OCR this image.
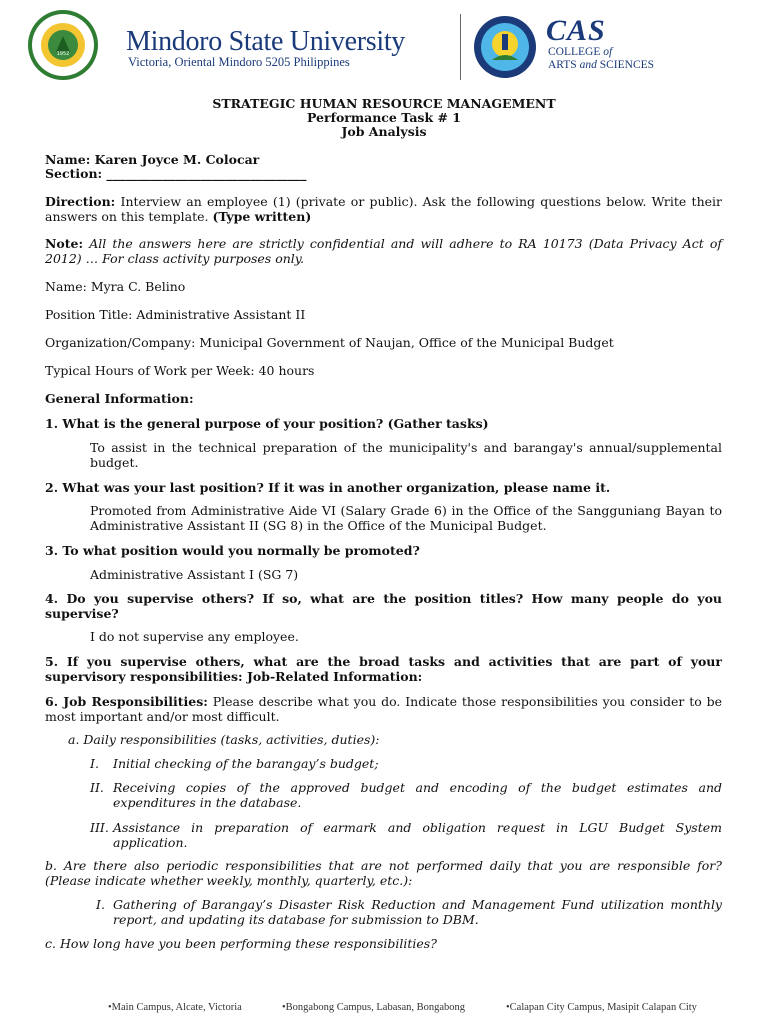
1952 Mindoro State University
Victoria, Oriental Mindoro 5205 Philippines
CAS
COLLEGE of
ARTS and SCIENCES
STRATEGIC HUMAN RESOURCE MANAGEMENT
Performance Task # 1
Job Analysis
Name: Karen Joyce M. Colocar
Section: ________________________________
Direction: Interview an employee (1) (private or public). Ask the following questions below. Write their answers on this template. (Type written)
Note: All the answers here are strictly confidential and will adhere to RA 10173 (Data Privacy Act of 2012) … For class activity purposes only.
Name: Myra C. Belino
Position Title: Administrative Assistant II
Organization/Company: Municipal Government of Naujan, Office of the Municipal Budget
Typical Hours of Work per Week: 40 hours
General Information:
1. What is the general purpose of your position? (Gather tasks)
To assist in the technical preparation of the municipality's and barangay's annual/supplemental budget.
2. What was your last position? If it was in another organization, please name it.
Promoted from Administrative Aide VI (Salary Grade 6) in the Office of the Sangguniang Bayan to Administrative Assistant II (SG 8) in the Office of the Municipal Budget.
3. To what position would you normally be promoted?
Administrative Assistant I (SG 7)
4. Do you supervise others? If so, what are the position titles? How many people do you supervise?
I do not supervise any employee.
5. If you supervise others, what are the broad tasks and activities that are part of your supervisory responsibilities: Job-Related Information:
6. Job Responsibilities: Please describe what you do. Indicate those responsibilities you consider to be most important and/or most difficult.
a. Daily responsibilities (tasks, activities, duties):
I. Initial checking of the barangay’s budget;
II. Receiving copies of the approved budget and encoding of the budget estimates and expenditures in the database.
III. Assistance in preparation of earmark and obligation request in LGU Budget System application.
b. Are there also periodic responsibilities that are not performed daily that you are responsible for? (Please indicate whether weekly, monthly, quarterly, etc.):
I. Gathering of Barangay’s Disaster Risk Reduction and Management Fund utilization monthly report, and updating its database for submission to DBM.
c. How long have you been performing these responsibilities?
•Main Campus, Alcate, Victoria	•Bongabong Campus, Labasan, Bongabong	•Calapan City Campus, Masipit Calapan City
